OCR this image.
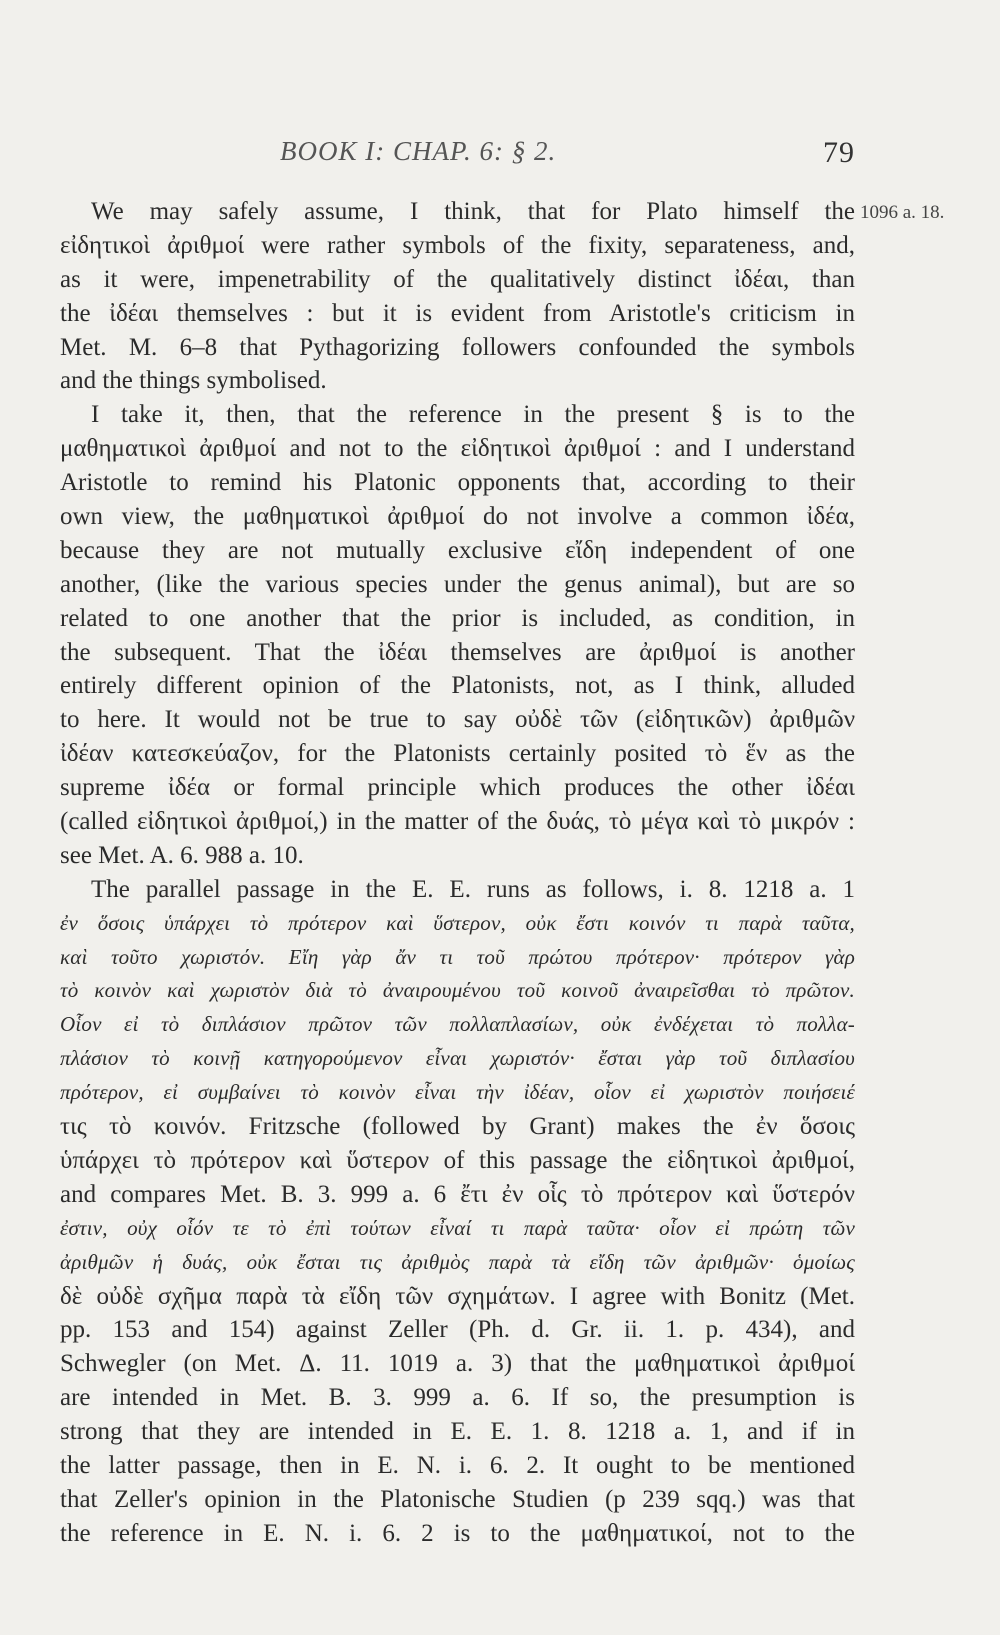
BOOK I: CHAP. 6: § 2.	79
1096 a. 18.
We may safely assume, I think, that for Plato himself the
εἰδητικοὶ ἀριθμοί were rather symbols of the fixity, separateness, and,
as it were, impenetrability of the qualitatively distinct ἰδέαι, than
the ἰδέαι themselves : but it is evident from Aristotle's criticism in
Met. M. 6–8 that Pythagorizing followers confounded the symbols
and the things symbolised.
I take it, then, that the reference in the present § is to the
μαθηματικοὶ ἀριθμοί and not to the εἰδητικοὶ ἀριθμοί : and I understand
Aristotle to remind his Platonic opponents that, according to their
own view, the μαθηματικοὶ ἀριθμοί do not involve a common ἰδέα,
because they are not mutually exclusive εἴδη independent of one
another, (like the various species under the genus animal), but are so
related to one another that the prior is included, as condition, in
the subsequent. That the ἰδέαι themselves are ἀριθμοί is another
entirely different opinion of the Platonists, not, as I think, alluded
to here. It would not be true to say οὐδὲ τῶν (εἰδητικῶν) ἀριθμῶν
ἰδέαν κατεσκεύαζον, for the Platonists certainly posited τὸ ἕν as the
supreme ἰδέα or formal principle which produces the other ἰδέαι
(called εἰδητικοὶ ἀριθμοί,) in the matter of the δυάς, τὸ μέγα καὶ τὸ μικρόν :
see Met. A. 6. 988 a. 10.
The parallel passage in the E. E. runs as follows, i. 8. 1218 a. 1
ἐν ὅσοις ὑπάρχει τὸ πρότερον καὶ ὕστερον, οὐκ ἔστι κοινόν τι παρὰ ταῦτα,
καὶ τοῦτο χωριστόν. Εἴη γὰρ ἄν τι τοῦ πρώτου πρότερον· πρότερον γὰρ
τὸ κοινὸν καὶ χωριστὸν διὰ τὸ ἀναιρουμένου τοῦ κοινοῦ ἀναιρεῖσθαι τὸ πρῶτον.
Οἷον εἰ τὸ διπλάσιον πρῶτον τῶν πολλαπλασίων, οὐκ ἐνδέχεται τὸ πολλα-
πλάσιον τὸ κοινῇ κατηγορούμενον εἶναι χωριστόν· ἔσται γὰρ τοῦ διπλασίου
πρότερον, εἰ συμβαίνει τὸ κοινὸν εἶναι τὴν ἰδέαν, οἷον εἰ χωριστὸν ποιήσειέ
τις τὸ κοινόν. Fritzsche (followed by Grant) makes the ἐν ὅσοις
ὑπάρχει τὸ πρότερον καὶ ὕστερον of this passage the εἰδητικοὶ ἀριθμοί,
and compares Met. B. 3. 999 a. 6 ἔτι ἐν οἷς τὸ πρότερον καὶ ὕστερόν
ἐστιν, οὐχ οἷόν τε τὸ ἐπὶ τούτων εἶναί τι παρὰ ταῦτα· οἷον εἰ πρώτη τῶν
ἀριθμῶν ἡ δυάς, οὐκ ἔσται τις ἀριθμὸς παρὰ τὰ εἴδη τῶν ἀριθμῶν· ὁμοίως
δὲ οὐδὲ σχῆμα παρὰ τὰ εἴδη τῶν σχημάτων. I agree with Bonitz (Met.
pp. 153 and 154) against Zeller (Ph. d. Gr. ii. 1. p. 434), and
Schwegler (on Met. Δ. 11. 1019 a. 3) that the μαθηματικοὶ ἀριθμοί
are intended in Met. B. 3. 999 a. 6. If so, the presumption is
strong that they are intended in E. E. 1. 8. 1218 a. 1, and if in
the latter passage, then in E. N. i. 6. 2. It ought to be mentioned
that Zeller's opinion in the Platonische Studien (p 239 sqq.) was that
the reference in E. N. i. 6. 2 is to the μαθηματικοί, not to the
